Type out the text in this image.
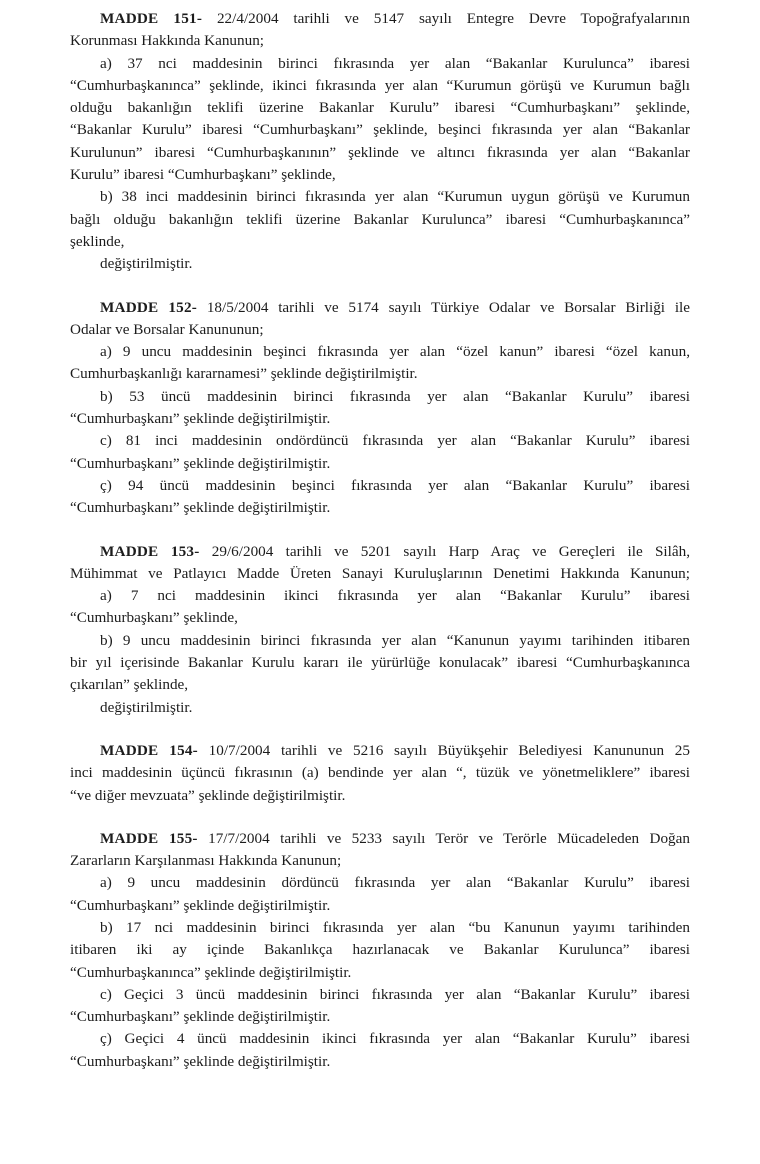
MADDE 151- 22/4/2004 tarihli ve 5147 sayılı Entegre Devre Topoğrafyalarının
Korunması Hakkında Kanunun;
a) 37 nci maddesinin birinci fıkrasında yer alan “Bakanlar Kurulunca” ibaresi
“Cumhurbaşkanınca” şeklinde, ikinci fıkrasında yer alan “Kurumun görüşü ve Kurumun bağlı
olduğu bakanlığın teklifi üzerine Bakanlar Kurulu” ibaresi “Cumhurbaşkanı” şeklinde,
“Bakanlar Kurulu” ibaresi “Cumhurbaşkanı” şeklinde, beşinci fıkrasında yer alan “Bakanlar
Kurulunun” ibaresi “Cumhurbaşkanının” şeklinde ve altıncı fıkrasında yer alan “Bakanlar
Kurulu” ibaresi “Cumhurbaşkanı” şeklinde,
b) 38 inci maddesinin birinci fıkrasında yer alan “Kurumun uygun görüşü ve Kurumun
bağlı olduğu bakanlığın teklifi üzerine Bakanlar Kurulunca” ibaresi “Cumhurbaşkanınca”
şeklinde,
değiştirilmiştir.
MADDE 152- 18/5/2004 tarihli ve 5174 sayılı Türkiye Odalar ve Borsalar Birliği ile
Odalar ve Borsalar Kanununun;
a) 9 uncu maddesinin beşinci fıkrasında yer alan “özel kanun” ibaresi “özel kanun,
Cumhurbaşkanlığı kararnamesi” şeklinde değiştirilmiştir.
b) 53 üncü maddesinin birinci fıkrasında yer alan “Bakanlar Kurulu” ibaresi
“Cumhurbaşkanı” şeklinde değiştirilmiştir.
c) 81 inci maddesinin ondördüncü fıkrasında yer alan “Bakanlar Kurulu” ibaresi
“Cumhurbaşkanı” şeklinde değiştirilmiştir.
ç) 94 üncü maddesinin beşinci fıkrasında yer alan “Bakanlar Kurulu” ibaresi
“Cumhurbaşkanı” şeklinde değiştirilmiştir.
MADDE 153- 29/6/2004 tarihli ve 5201 sayılı Harp Araç ve Gereçleri ile Silâh,
Mühimmat ve Patlayıcı Madde Üreten Sanayi Kuruluşlarının Denetimi Hakkında Kanunun;
a) 7 nci maddesinin ikinci fıkrasında yer alan “Bakanlar Kurulu” ibaresi
“Cumhurbaşkanı” şeklinde,
b) 9 uncu maddesinin birinci fıkrasında yer alan “Kanunun yayımı tarihinden itibaren
bir yıl içerisinde Bakanlar Kurulu kararı ile yürürlüğe konulacak” ibaresi “Cumhurbaşkanınca
çıkarılan” şeklinde,
değiştirilmiştir.
MADDE 154- 10/7/2004 tarihli ve 5216 sayılı Büyükşehir Belediyesi Kanununun 25
inci maddesinin üçüncü fıkrasının (a) bendinde yer alan “, tüzük ve yönetmeliklere” ibaresi
“ve diğer mevzuata” şeklinde değiştirilmiştir.
MADDE 155- 17/7/2004 tarihli ve 5233 sayılı Terör ve Terörle Mücadeleden Doğan
Zararların Karşılanması Hakkında Kanunun;
a) 9 uncu maddesinin dördüncü fıkrasında yer alan “Bakanlar Kurulu” ibaresi
“Cumhurbaşkanı” şeklinde değiştirilmiştir.
b) 17 nci maddesinin birinci fıkrasında yer alan “bu Kanunun yayımı tarihinden
itibaren iki ay içinde Bakanlıkça hazırlanacak ve Bakanlar Kurulunca” ibaresi
“Cumhurbaşkanınca” şeklinde değiştirilmiştir.
c) Geçici 3 üncü maddesinin birinci fıkrasında yer alan “Bakanlar Kurulu” ibaresi
“Cumhurbaşkanı” şeklinde değiştirilmiştir.
ç) Geçici 4 üncü maddesinin ikinci fıkrasında yer alan “Bakanlar Kurulu” ibaresi
“Cumhurbaşkanı” şeklinde değiştirilmiştir.
